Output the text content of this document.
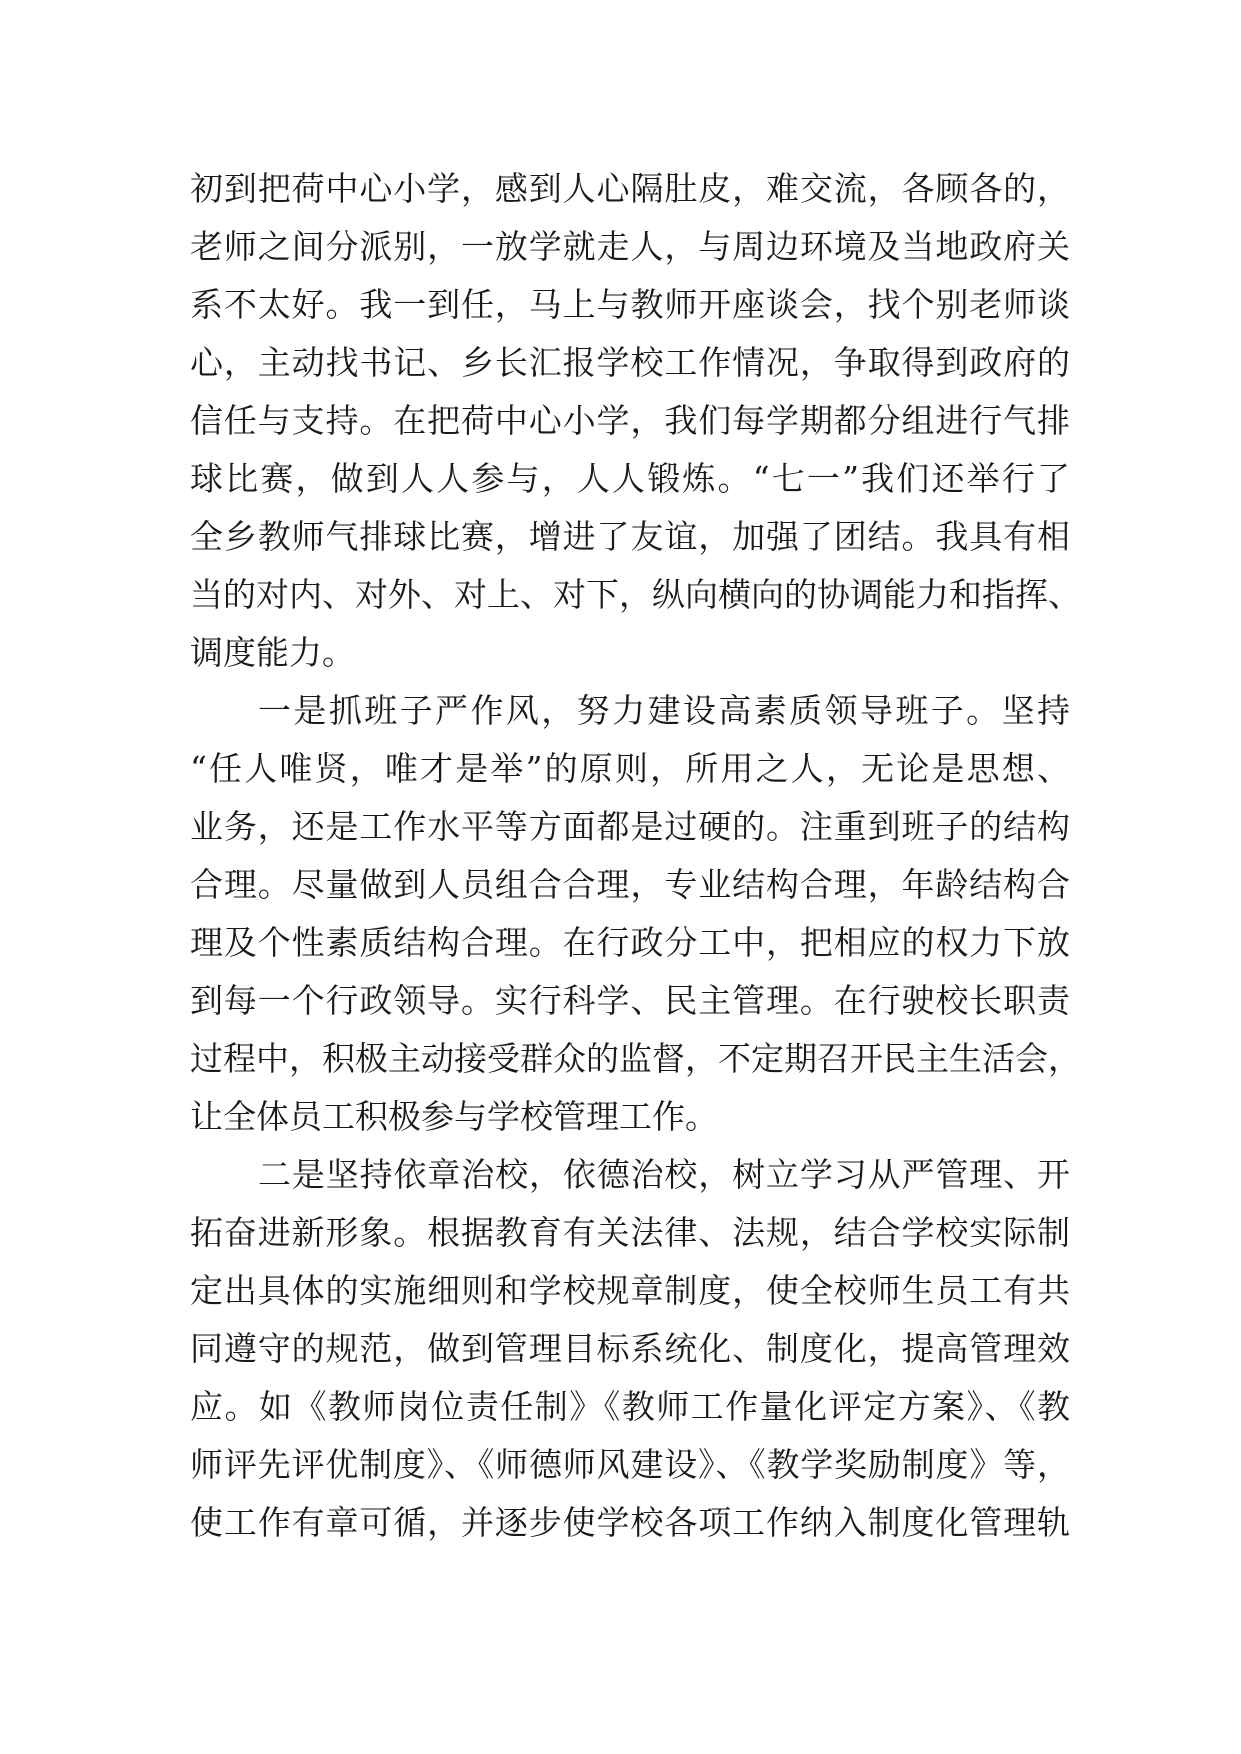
初到把荷中心小学，感到人心隔肚皮，难交流，各顾各的，
老师之间分派别，一放学就走人，与周边环境及当地政府关
系不太好。我一到任，马上与教师开座谈会，找个别老师谈
心，主动找书记、乡长汇报学校工作情况，争取得到政府的
信任与支持。在把荷中心小学，我们每学期都分组进行气排
球比赛，做到人人参与，人人锻炼。“七一”我们还举行了
全乡教师气排球比赛，增进了友谊，加强了团结。我具有相
当的对内、对外、对上、对下，纵向横向的协调能力和指挥、
调度能力。
一是抓班子严作风，努力建设高素质领导班子。坚持
“任人唯贤，唯才是举”的原则，所用之人，无论是思想、
业务，还是工作水平等方面都是过硬的。注重到班子的结构
合理。尽量做到人员组合合理，专业结构合理，年龄结构合
理及个性素质结构合理。在行政分工中，把相应的权力下放
到每一个行政领导。实行科学、民主管理。在行驶校长职责
过程中，积极主动接受群众的监督，不定期召开民主生活会，
让全体员工积极参与学校管理工作。
二是坚持依章治校，依德治校，树立学习从严管理、开
拓奋进新形象。根据教育有关法律、法规，结合学校实际制
定出具体的实施细则和学校规章制度，使全校师生员工有共
同遵守的规范，做到管理目标系统化、制度化，提高管理效
应。如《教师岗位责任制》《教师工作量化评定方案》、《教
师评先评优制度》、《师德师风建设》、《教学奖励制度》等，
使工作有章可循，并逐步使学校各项工作纳入制度化管理轨
